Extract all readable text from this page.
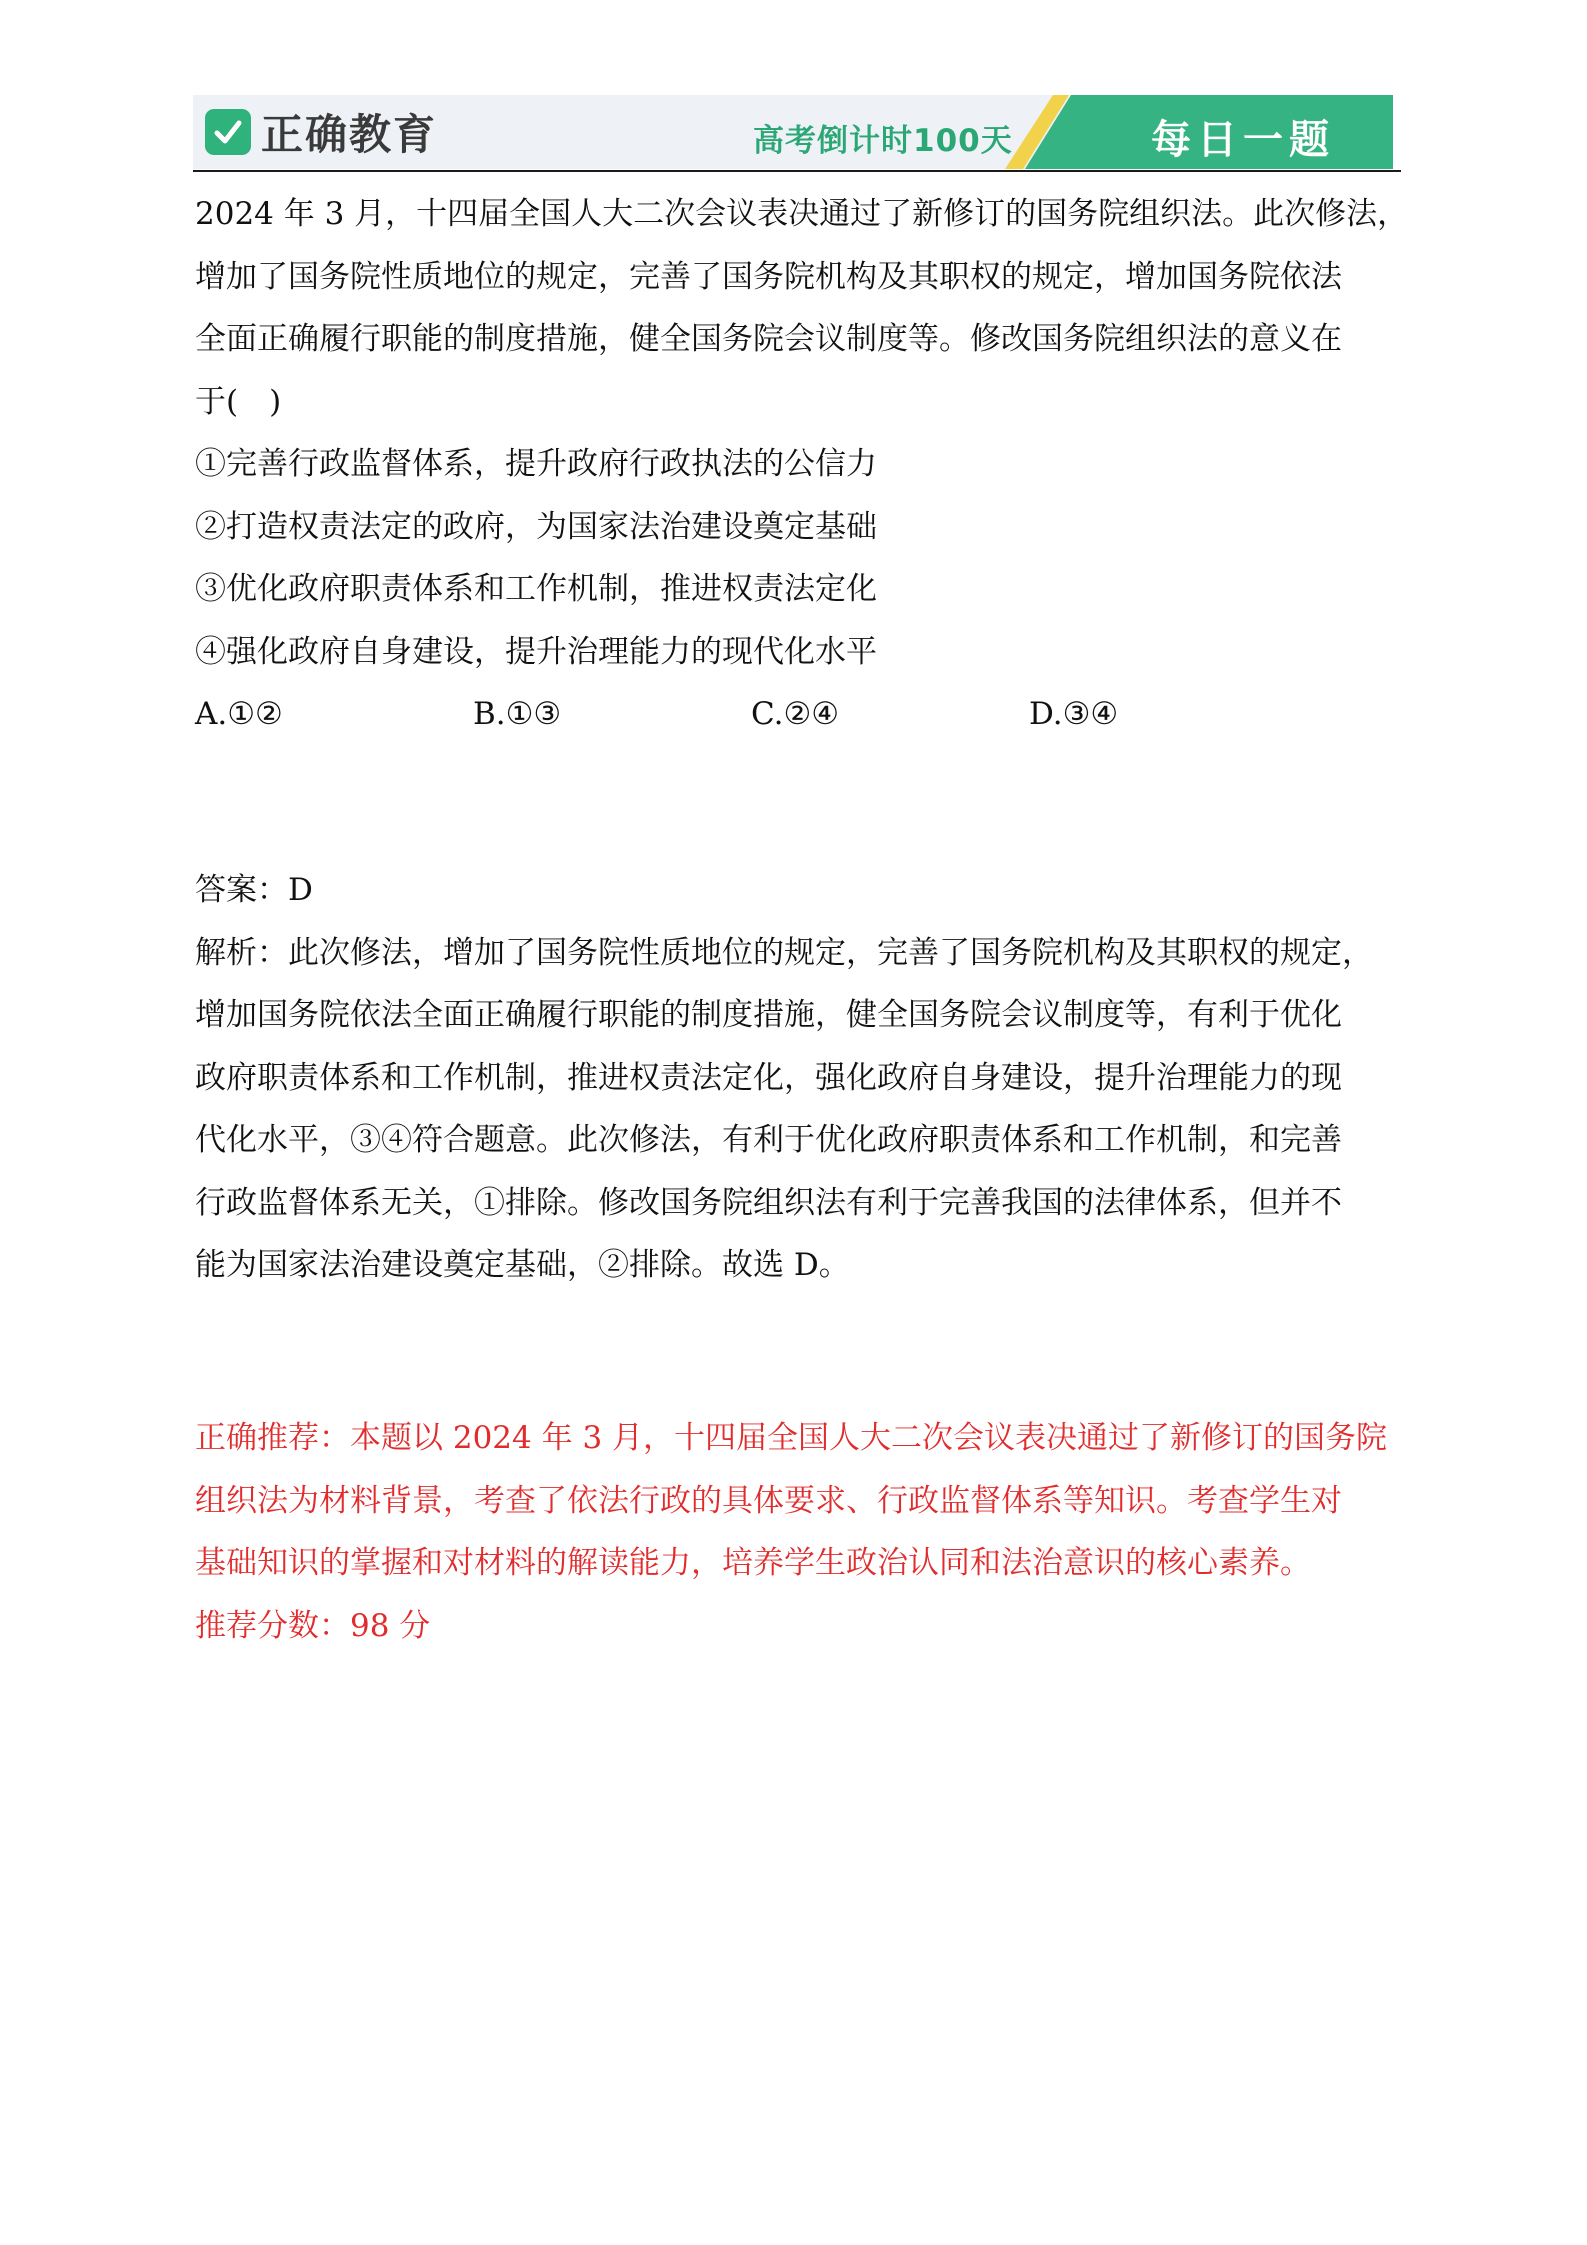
正确教育	高考倒计时100天	每日一题
2024 年 3 月，十四届全国人大二次会议表决通过了新修订的国务院组织法。此次修法，
增加了国务院性质地位的规定，完善了国务院机构及其职权的规定，增加国务院依法
全面正确履行职能的制度措施，健全国务院会议制度等。修改国务院组织法的意义在
于(　)
①完善行政监督体系，提升政府行政执法的公信力
②打造权责法定的政府，为国家法治建设奠定基础
③优化政府职责体系和工作机制，推进权责法定化
④强化政府自身建设，提升治理能力的现代化水平
A.①②	B.①③	C.②④	D.③④
答案：D
解析：此次修法，增加了国务院性质地位的规定，完善了国务院机构及其职权的规定，
增加国务院依法全面正确履行职能的制度措施，健全国务院会议制度等，有利于优化
政府职责体系和工作机制，推进权责法定化，强化政府自身建设，提升治理能力的现
代化水平，③④符合题意。此次修法，有利于优化政府职责体系和工作机制，和完善
行政监督体系无关，①排除。修改国务院组织法有利于完善我国的法律体系，但并不
能为国家法治建设奠定基础，②排除。故选 D。
正确推荐：本题以 2024 年 3 月，十四届全国人大二次会议表决通过了新修订的国务院
组织法为材料背景，考查了依法行政的具体要求、行政监督体系等知识。考查学生对
基础知识的掌握和对材料的解读能力，培养学生政治认同和法治意识的核心素养。
推荐分数：98 分
